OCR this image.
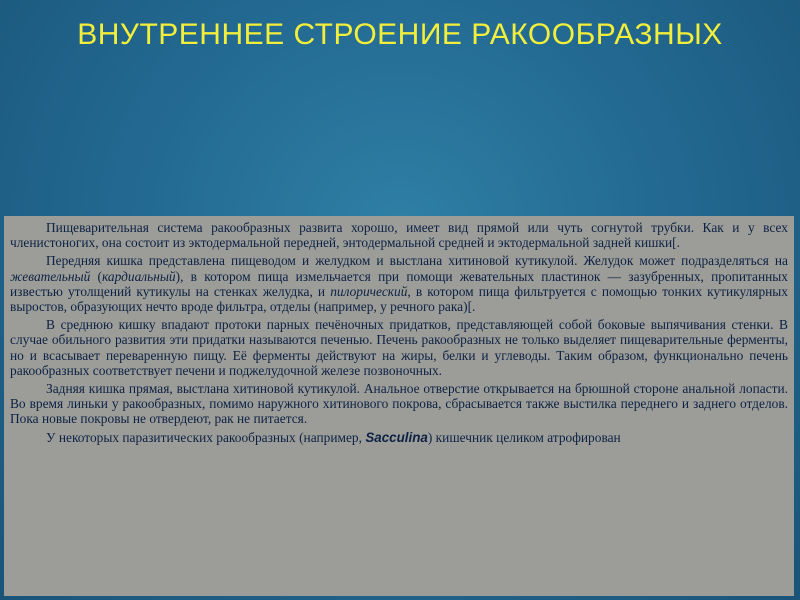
ВНУТРЕННЕЕ СТРОЕНИЕ РАКООБРАЗНЫХ

Пищеварительная система ракообразных развита хорошо, имеет вид прямой или чуть согнутой трубки. Как и у всех членистоногих, она состоит из эктодермальной передней, энтодермальной средней и эктодермальной задней кишки[.

Передняя кишка представлена пищеводом и желудком и выстлана хитиновой кутикулой. Желудок может подразделяться на жевательный (кардиальный), в котором пища измельчается при помощи жевательных пластинок — зазубренных, пропитанных известью утолщений кутикулы на стенках желудка, и пилорический, в котором пища фильтруется с помощью тонких кутикулярных выростов, образующих нечто вроде фильтра, отделы (например, у речного рака)[.

В среднюю кишку впадают протоки парных печёночных придатков, представляющей собой боковые выпячивания стенки. В случае обильного развития эти придатки называются печенью. Печень ракообразных не только выделяет пищеварительные ферменты, но и всасывает переваренную пищу. Её ферменты действуют на жиры, белки и углеводы. Таким образом, функционально печень ракообразных соответствует печени и поджелудочной железе позвоночных.

Задняя кишка прямая, выстлана хитиновой кутикулой. Анальное отверстие открывается на брюшной стороне анальной лопасти. Во время линьки у ракообразных, помимо наружного хитинового покрова, сбрасывается также выстилка переднего и заднего отделов. Пока новые покровы не отвердеют, рак не питается.

У некоторых паразитических ракообразных (например, Sacculina) кишечник целиком атрофирован
